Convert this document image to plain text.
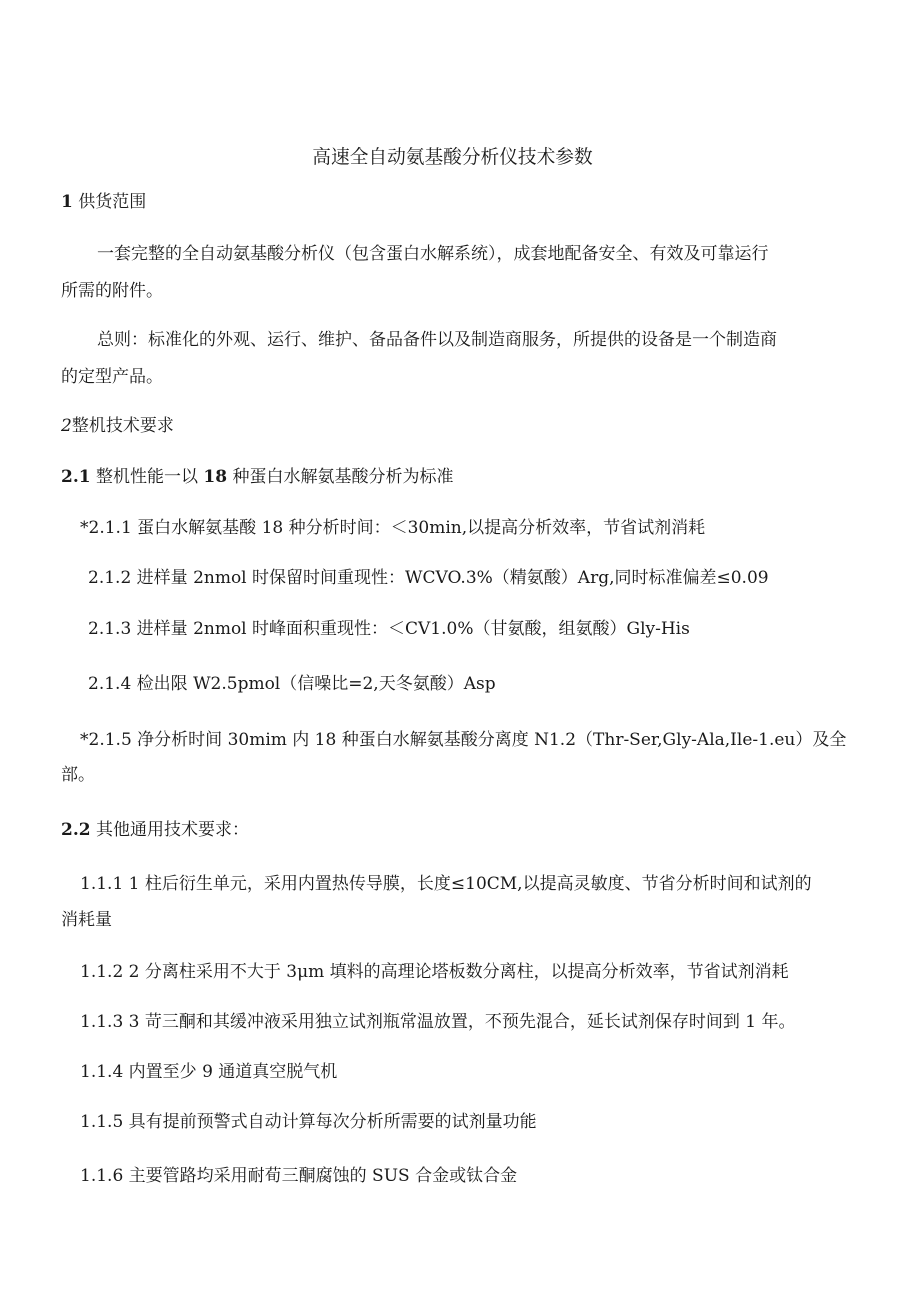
高速全自动氨基酸分析仪技术参数

1 供货范围

一套完整的全自动氨基酸分析仪（包含蛋白水解系统），成套地配备安全、有效及可靠运行

所需的附件。

总则：标准化的外观、运行、维护、备品备件以及制造商服务，所提供的设备是一个制造商

的定型产品。

2整机技术要求

2.1 整机性能一以 18 种蛋白水解氨基酸分析为标准

*2.1.1 蛋白水解氨基酸 18 种分析时间：＜30min,以提高分析效率，节省试剂消耗

2.1.2 进样量 2nmol 时保留时间重现性：WCVO.3%（精氨酸）Arg,同时标准偏差≤0.09

2.1.3 进样量 2nmol 时峰面积重现性：＜CV1.0%（甘氨酸，组氨酸）Gly-His

2.1.4 检出限 W2.5pmol（信噪比=2,天冬氨酸）Asp

*2.1.5 净分析时间 30mim 内 18 种蛋白水解氨基酸分离度 N1.2（Thr-Ser,Gly-Ala,Ile-1.eu）及全

部。

2.2 其他通用技术要求：

1.1.1 1 柱后衍生单元，采用内置热传导膜，长度≤10CM,以提高灵敏度、节省分析时间和试剂的

消耗量

1.1.2 2 分离柱采用不大于 3μm 填料的高理论塔板数分离柱，以提高分析效率，节省试剂消耗

1.1.3 3 苛三酮和其缓冲液采用独立试剂瓶常温放置，不预先混合，延长试剂保存时间到 1 年。

1.1.4 内置至少 9 通道真空脱气机

1.1.5 具有提前预警式自动计算每次分析所需要的试剂量功能

1.1.6 主要管路均采用耐荀三酮腐蚀的 SUS 合金或钛合金
